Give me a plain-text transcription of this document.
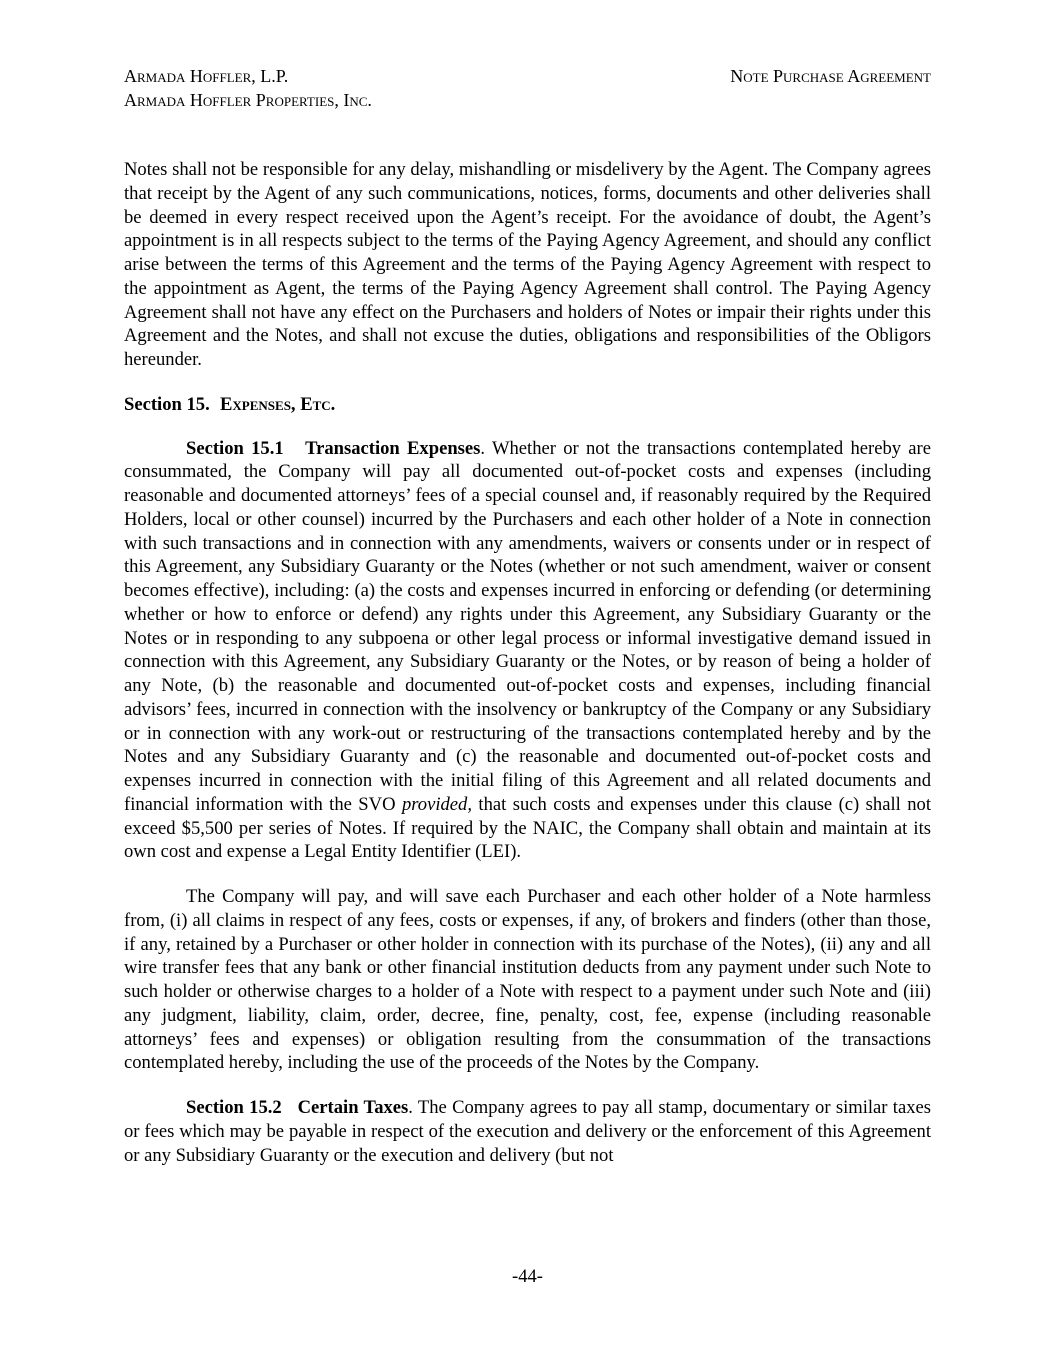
Armada Hoffler, L.P.
Armada Hoffler Properties, Inc.
Note Purchase Agreement

Notes shall not be responsible for any delay, mishandling or misdelivery by the Agent. The Company agrees that receipt by the Agent of any such communications, notices, forms, documents and other deliveries shall be deemed in every respect received upon the Agent’s receipt. For the avoidance of doubt, the Agent’s appointment is in all respects subject to the terms of the Paying Agency Agreement, and should any conflict arise between the terms of this Agreement and the terms of the Paying Agency Agreement with respect to the appointment as Agent, the terms of the Paying Agency Agreement shall control. The Paying Agency Agreement shall not have any effect on the Purchasers and holders of Notes or impair their rights under this Agreement and the Notes, and shall not excuse the duties, obligations and responsibilities of the Obligors hereunder.

Section 15. Expenses, Etc.

Section 15.1   Transaction Expenses. Whether or not the transactions contemplated hereby are consummated, the Company will pay all documented out-of-pocket costs and expenses (including reasonable and documented attorneys’ fees of a special counsel and, if reasonably required by the Required Holders, local or other counsel) incurred by the Purchasers and each other holder of a Note in connection with such transactions and in connection with any amendments, waivers or consents under or in respect of this Agreement, any Subsidiary Guaranty or the Notes (whether or not such amendment, waiver or consent becomes effective), including: (a) the costs and expenses incurred in enforcing or defending (or determining whether or how to enforce or defend) any rights under this Agreement, any Subsidiary Guaranty or the Notes or in responding to any subpoena or other legal process or informal investigative demand issued in connection with this Agreement, any Subsidiary Guaranty or the Notes, or by reason of being a holder of any Note, (b) the reasonable and documented out-of-pocket costs and expenses, including financial advisors’ fees, incurred in connection with the insolvency or bankruptcy of the Company or any Subsidiary or in connection with any work-out or restructuring of the transactions contemplated hereby and by the Notes and any Subsidiary Guaranty and (c) the reasonable and documented out-of-pocket costs and expenses incurred in connection with the initial filing of this Agreement and all related documents and financial information with the SVO provided, that such costs and expenses under this clause (c) shall not exceed $5,500 per series of Notes. If required by the NAIC, the Company shall obtain and maintain at its own cost and expense a Legal Entity Identifier (LEI).

The Company will pay, and will save each Purchaser and each other holder of a Note harmless from, (i) all claims in respect of any fees, costs or expenses, if any, of brokers and finders (other than those, if any, retained by a Purchaser or other holder in connection with its purchase of the Notes), (ii) any and all wire transfer fees that any bank or other financial institution deducts from any payment under such Note to such holder or otherwise charges to a holder of a Note with respect to a payment under such Note and (iii) any judgment, liability, claim, order, decree, fine, penalty, cost, fee, expense (including reasonable attorneys’ fees and expenses) or obligation resulting from the consummation of the transactions contemplated hereby, including the use of the proceeds of the Notes by the Company.

Section 15.2   Certain Taxes. The Company agrees to pay all stamp, documentary or similar taxes or fees which may be payable in respect of the execution and delivery or the enforcement of this Agreement or any Subsidiary Guaranty or the execution and delivery (but not

-44-
